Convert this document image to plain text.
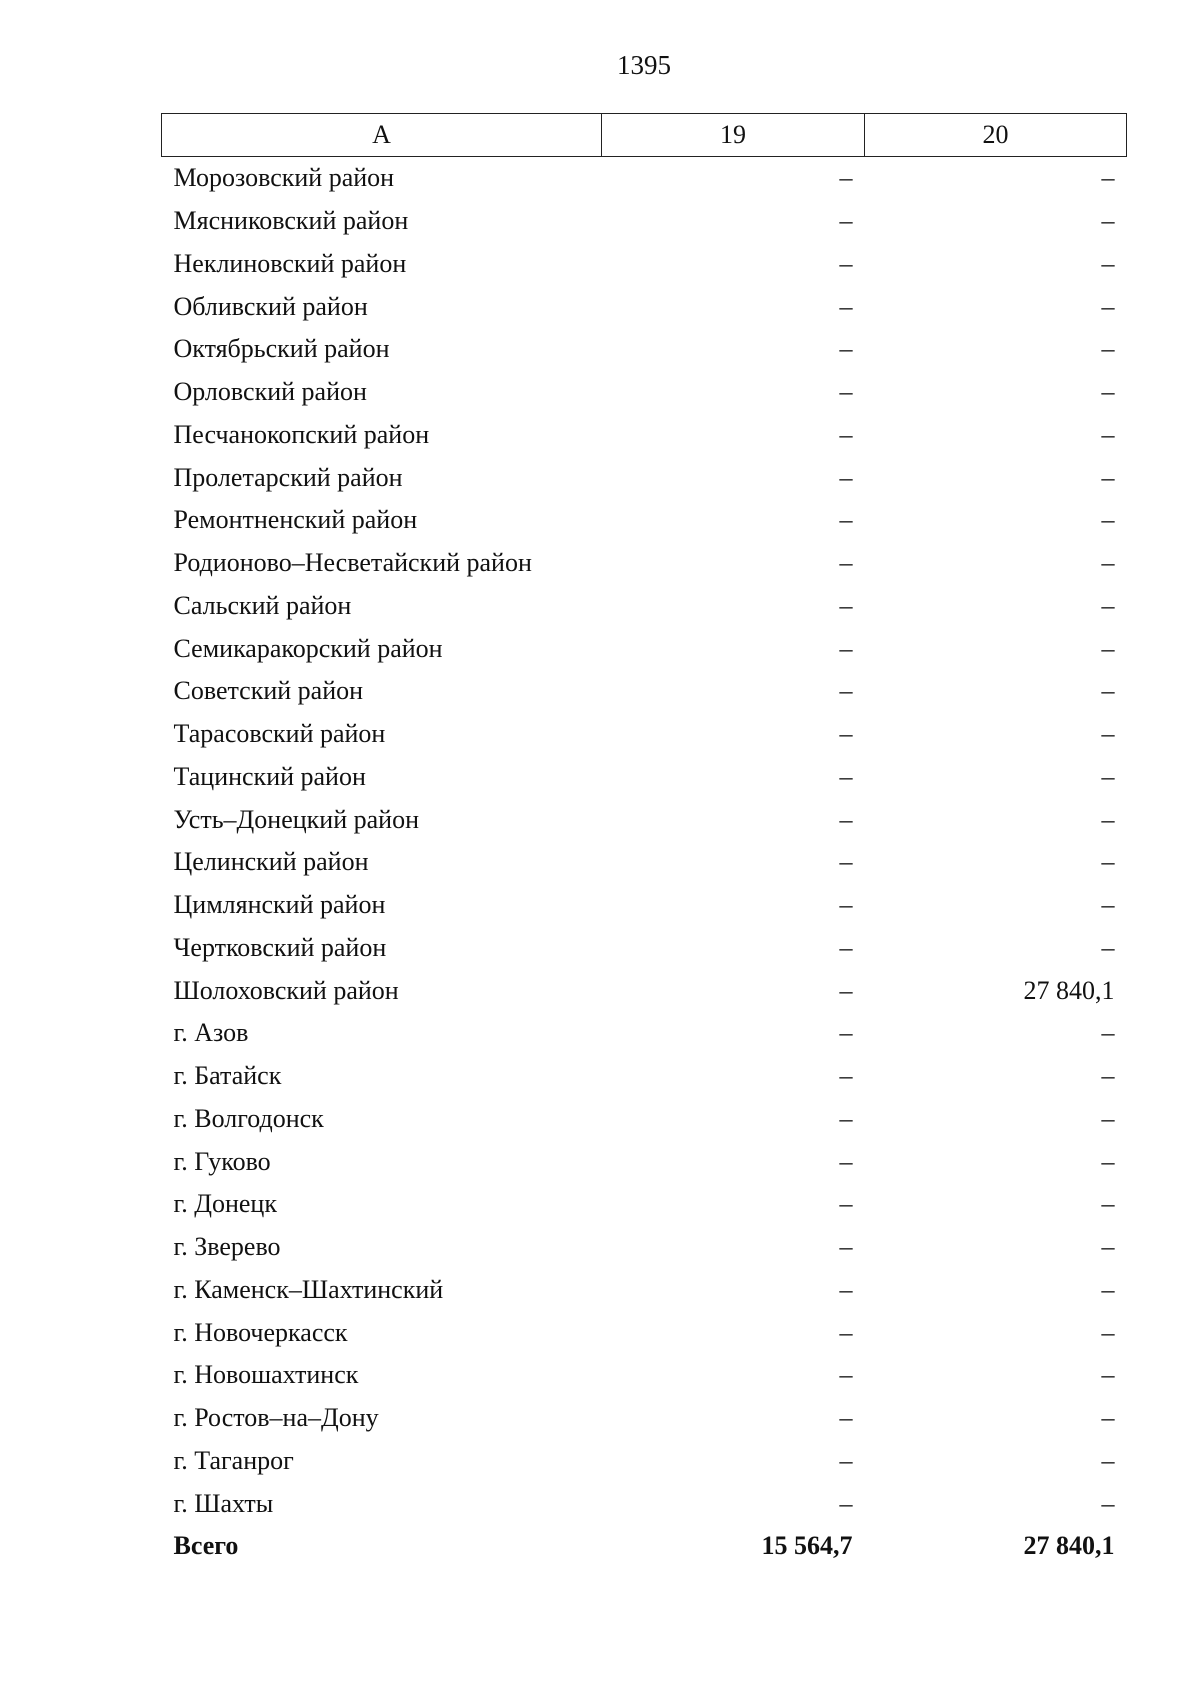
1395
A	19	20
Морозовский район	–	–
Мясниковский район	–	–
Неклиновский район	–	–
Обливский район	–	–
Октябрьский район	–	–
Орловский район	–	–
Песчанокопский район	–	–
Пролетарский район	–	–
Ремонтненский район	–	–
Родионово–Несветайский район	–	–
Сальский район	–	–
Семикаракорский район	–	–
Советский район	–	–
Тарасовский район	–	–
Тацинский район	–	–
Усть–Донецкий район	–	–
Целинский район	–	–
Цимлянский район	–	–
Чертковский район	–	–
Шолоховский район	–	27 840,1
г. Азов	–	–
г. Батайск	–	–
г. Волгодонск	–	–
г. Гуково	–	–
г. Донецк	–	–
г. Зверево	–	–
г. Каменск–Шахтинский	–	–
г. Новочеркасск	–	–
г. Новошахтинск	–	–
г. Ростов–на–Дону	–	–
г. Таганрог	–	–
г. Шахты	–	–
Всего	15 564,7	27 840,1
